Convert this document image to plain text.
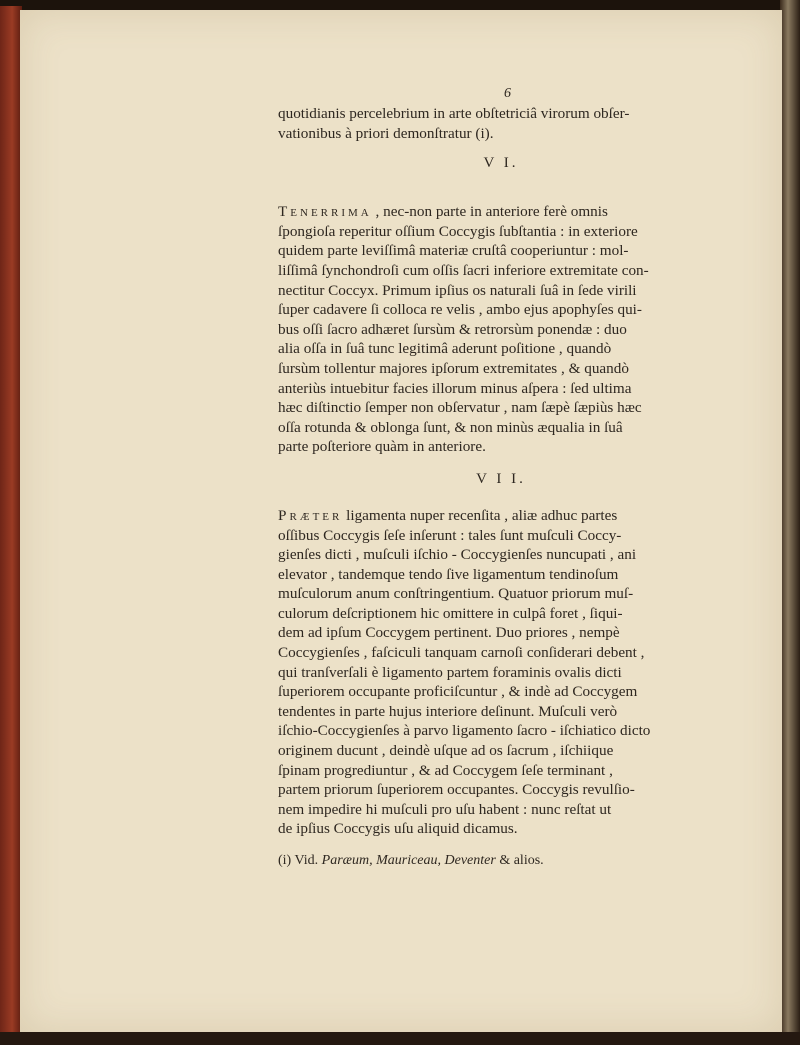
6

quotidianis percelebrium in arte obſtetriciâ virorum obſer-
vationibus à priori demonſtratur (i).

V I.

Tenerrima , nec-non parte in anteriore ferè omnis
ſpongioſa reperitur oſſium Coccygis ſubſtantia : in exteriore
quidem parte leviſſimâ materiæ cruſtâ cooperiuntur : mol-
liſſimâ ſynchondroſi cum oſſis ſacri inferiore extremitate con-
nectitur Coccyx. Primum ipſius os naturali ſuâ in ſede virili
ſuper cadavere ſi colloca re velis , ambo ejus apophyſes qui-
bus oſſi ſacro adhæret ſursùm & retrorsùm ponendæ : duo
alia oſſa in ſuâ tunc legitimâ aderunt poſitione , quandò
ſursùm tollentur majores ipſorum extremitates , & quandò
anteriùs intuebitur facies illorum minus aſpera : ſed ultima
hæc diſtinctio ſemper non obſervatur , nam ſæpè ſæpiùs hæc
oſſa rotunda & oblonga ſunt, & non minùs æqualia in ſuâ
parte poſteriore quàm in anteriore.

V I I.

Præter ligamenta nuper recenſita , aliæ adhuc partes
oſſibus Coccygis ſeſe inſerunt : tales ſunt muſculi Coccy-
gienſes dicti , muſculi iſchio - Coccygienſes nuncupati , ani
elevator , tandemque tendo ſive ligamentum tendinoſum
muſculorum anum conſtringentium. Quatuor priorum muſ-
culorum deſcriptionem hic omittere in culpâ foret , ſiqui-
dem ad ipſum Coccygem pertinent. Duo priores , nempè
Coccygienſes , faſciculi tanquam carnoſi conſiderari debent ,
qui tranſverſali è ligamento partem foraminis ovalis dicti
ſuperiorem occupante proficiſcuntur , & indè ad Coccygem
tendentes in parte hujus interiore deſinunt. Muſculi verò
iſchio-Coccygienſes à parvo ligamento ſacro - iſchiatico dicto
originem ducunt , deindè uſque ad os ſacrum , iſchiique
ſpinam progrediuntur , & ad Coccygem ſeſe terminant ,
partem priorum ſuperiorem occupantes. Coccygis revulſio-
nem impedire hi muſculi pro uſu habent : nunc reſtat ut
de ipſius Coccygis uſu aliquid dicamus.

(i) Vid. Paræum, Mauriceau, Deventer & alios.
